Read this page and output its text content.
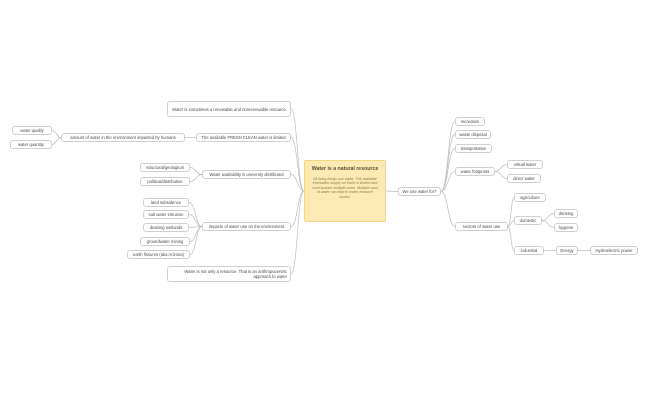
Water is a natural resource
All living things use water. The available freshwater supply on Earth is limited and must sustain multiple users. Multiple uses of water can lead to water resource issues.
Water is sometimes a renewable and nonrenewable resource.
The available FRESH CLEAN water is limited
amount of water in the environment impacted by humans
water quality
water quantity
Water availability is unevenly distributed
structural/geological
political/distributive
impacts of water use on the environment
land subsidence
salt water intrusion
draining wetlands
groundwater mining
earth fissures (aka Arizona)
Water is not only a resource. That is an anthropocentric approach to water
We use water for?
recreation
waste disposal
transportation
water footprints
virtual water
direct water
sectors of water use
agriculture
domestic
drinking
hygiene
industrial	Energy	Hydroelectric power
